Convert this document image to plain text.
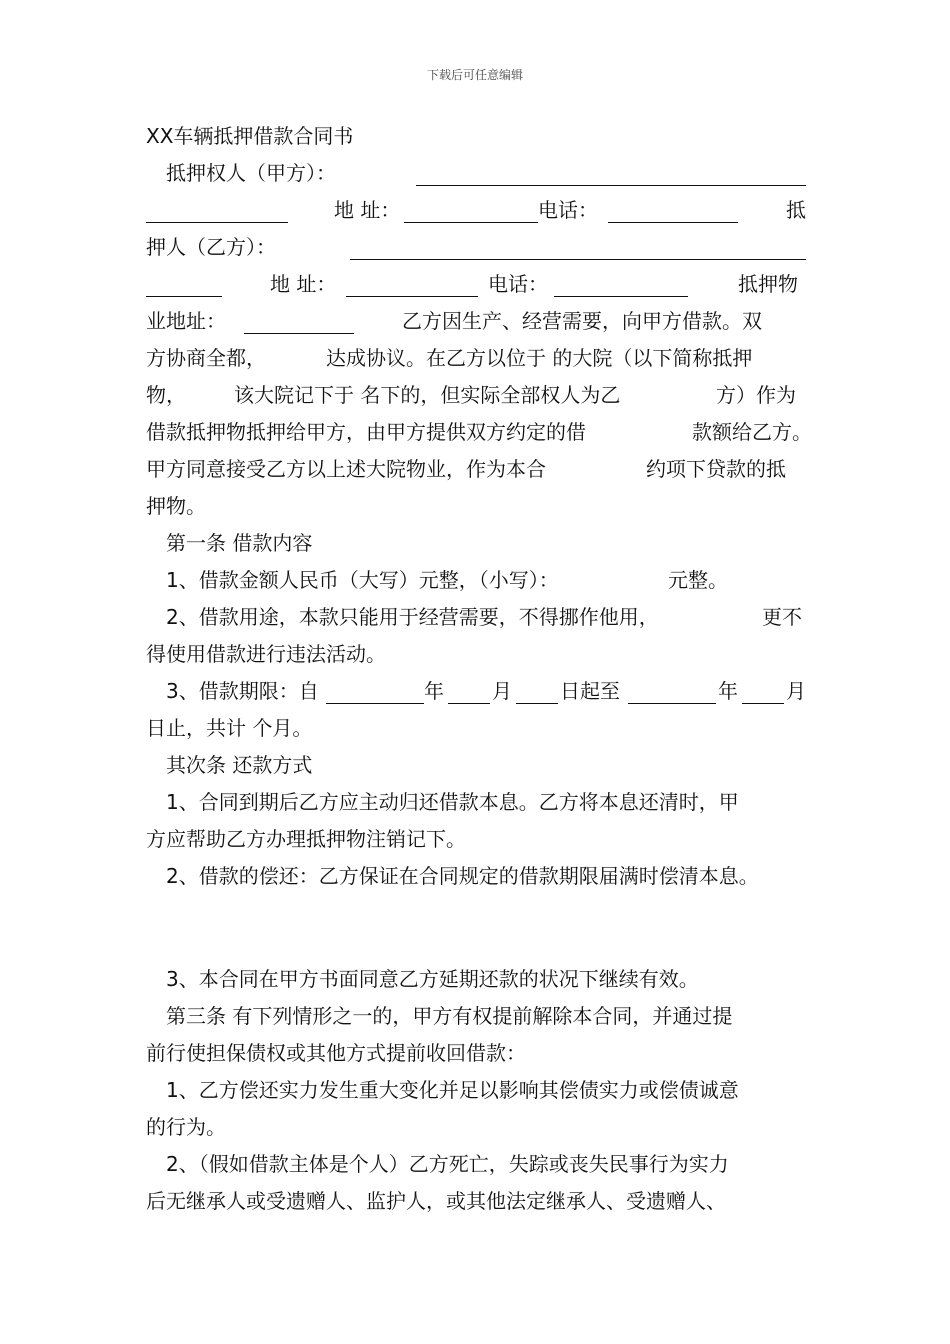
下载后可任意编辑
XX车辆抵押借款合同书
抵押权人（甲方）：
地 址：	电话：	抵
押人（乙方）：
地 址：	电话：	抵押物
业地址：	乙方因生产、经营需要，向甲方借款。双
方协商全都，	达成协议。在乙方以位于 的大院（以下简称抵押
物， 该大院记下于 名下的，但实际全部权人为乙	方）作为
借款抵押物抵押给甲方，由甲方提供双方约定的借	款额给乙方。
甲方同意接受乙方以上述大院物业，作为本合	约项下贷款的抵
押物。
第一条 借款内容
1、借款金额人民币（大写）元整，（小写）：	元整。
2、借款用途，本款只能用于经营需要，不得挪作他用，	更不
得使用借款进行违法活动。
3、借款期限：自	年 月 日起至	年 月
日止，共计 个月。
其次条 还款方式
1、合同到期后乙方应主动归还借款本息。乙方将本息还清时，甲
方应帮助乙方办理抵押物注销记下。
2、借款的偿还：乙方保证在合同规定的借款期限届满时偿清本息。
3、本合同在甲方书面同意乙方延期还款的状况下继续有效。
第三条 有下列情形之一的，甲方有权提前解除本合同，并通过提
前行使担保债权或其他方式提前收回借款：
1、乙方偿还实力发生重大变化并足以影响其偿债实力或偿债诚意
的行为。
2、（假如借款主体是个人）乙方死亡，失踪或丧失民事行为实力
后无继承人或受遗赠人、监护人，或其他法定继承人、受遗赠人、
